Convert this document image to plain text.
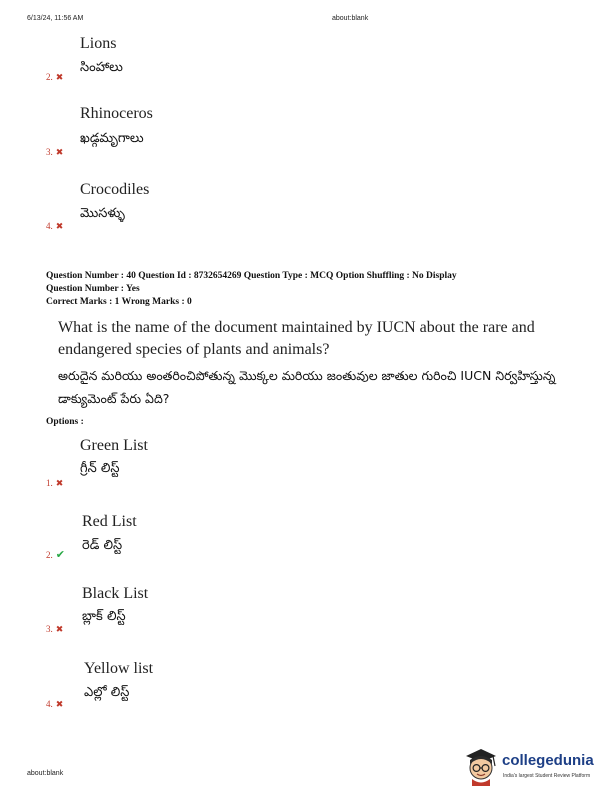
6/13/24, 11:56 AM	about:blank
Lions
సింహాలు
2. ✖
Rhinoceros
ఖడ్గమృగాలు
3. ✖
Crocodiles
మొసళ్ళు
4. ✖
Question Number : 40 Question Id : 8732654269 Question Type : MCQ Option Shuffling : No Display
Question Number : Yes
Correct Marks : 1 Wrong Marks : 0
What is the name of the document maintained by IUCN about the rare and endangered species of plants and animals?
అరుదైన మరియు అంతరించిపోతున్న మొక్కల మరియు జంతువుల జాతుల గురించి IUCN నిర్వహిస్తున్న డాక్యుమెంట్ పేరు ఏది?
Options :
Green List
గ్రీన్ లిస్ట్
1. ✖
Red List
రెడ్ లిస్ట్
2. ✔
Black List
బ్లాక్ లిస్ట్
3. ✖
Yellow list
ఎల్లో లిస్ట్
4. ✖
about:blank
collegedunia
India's largest Student Review Platform
